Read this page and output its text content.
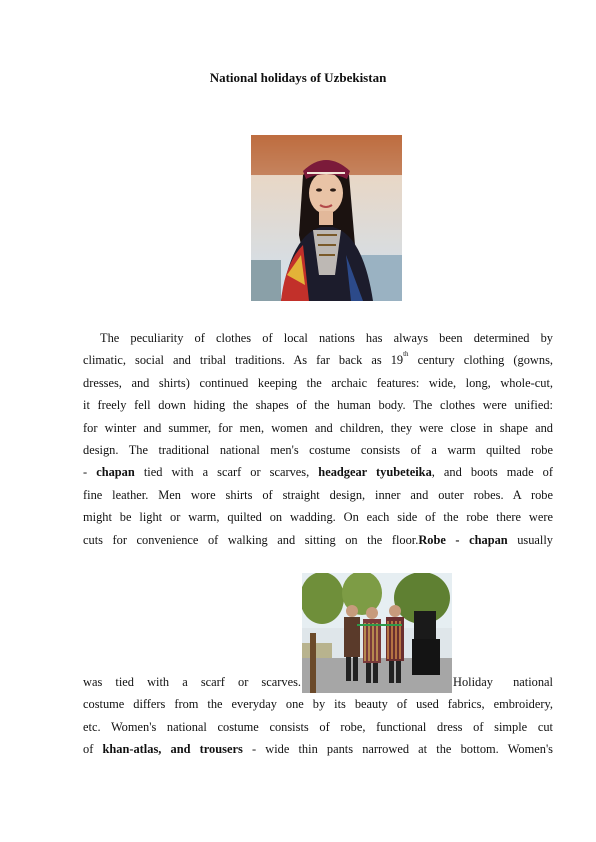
National holidays of Uzbekistan
The peculiarity of clothes of local nations has always been determined by
climatic, social and tribal traditions. As far back as 19th century clothing (gowns,
dresses, and shirts) continued keeping the archaic features: wide, long, whole-cut,
it freely fell down hiding the shapes of the human body. The clothes were unified:
for winter and summer, for men, women and children, they were close in shape and
design. The traditional national men's costume consists of a warm quilted robe
- chapan tied with a scarf or scarves, headgear tyubeteika, and boots made of
fine leather. Men wore shirts of straight design, inner and outer robes. A robe
might be light or warm, quilted on wadding. On each side of the robe there were
cuts for convenience of walking and sitting on the floor.Robe - chapan usually
was tied with a scarf or scarves.	Holiday national
costume differs from the everyday one by its beauty of used fabrics, embroidery,
etc. Women's national costume consists of robe, functional dress of simple cut
of khan-atlas, and trousers - wide thin pants narrowed at the bottom. Women's
